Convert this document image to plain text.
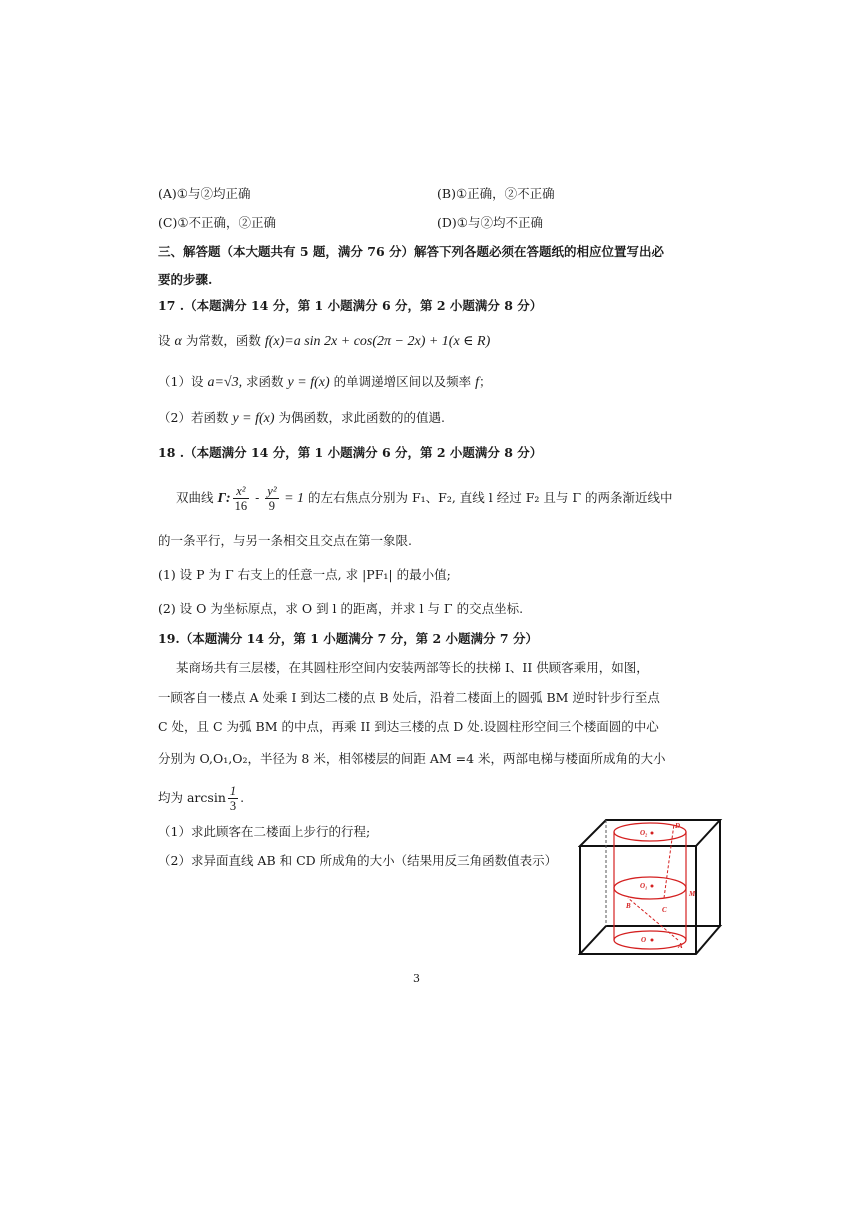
(A)①与②均正确	(B)①正确，②不正确
(C)①不正确，②正确	(D)①与②均不正确
三、解答题（本大题共有 5 题，满分 76 分）解答下列各题必须在答题纸的相应位置写出必
要的步骤.
17 .（本题满分 14 分，第 1 小题满分 6 分，第 2 小题满分 8 分）
设 α 为常数，函数 f(x)=a sin 2x + cos(2π − 2x) + 1(x ∈ R)
（1）设 a=√3, 求函数 y = f(x) 的单调递增区间以及频率 f；
（2）若函数 y = f(x) 为偶函数，求此函数的的值遇.
18 .（本题满分 14 分，第 1 小题满分 6 分，第 2 小题满分 8 分）
双曲线 Γ: $\frac{\text{x²}}{16} - \frac{\text{y²}}{9} = 1$ 的左右焦点分别为 F₁、F₂, 直线 l 经过 F₂ 且与 Γ 的两条渐近线中
的一条平行，与另一条相交且交点在第一象限.
(1) 设 P 为 Γ 右支上的任意一点, 求 |PF₁| 的最小值;
(2) 设 O 为坐标原点，求 O 到 l 的距离，并求 l 与 Γ 的交点坐标.
19.（本题满分 14 分，第 1 小题满分 7 分，第 2 小题满分 7 分）
某商场共有三层楼，在其圆柱形空间内安装两部等长的扶梯 I、II 供顾客乘用，如图，
一顾客自一楼点 A 处乘 I 到达二楼的点 B 处后，沿着二楼面上的圆弧 BM 逆时针步行至点
C 处，且 C 为弧 BM 的中点，再乘 II 到达三楼的点 D 处.设圆柱形空间三个楼面圆的中心
分别为 O,O₁,O₂，半径为 8 米，相邻楼层的间距 AM =4 米，两部电梯与楼面所成角的大小
均为 $\arcsin \frac{1}{3}$ .
（1）求此顾客在二楼面上步行的行程;
（2）求异面直线 AB 和 CD 所成角的大小（结果用反三角函数值表示）
O₂
D
O₁
B	C
M
O
A
3
